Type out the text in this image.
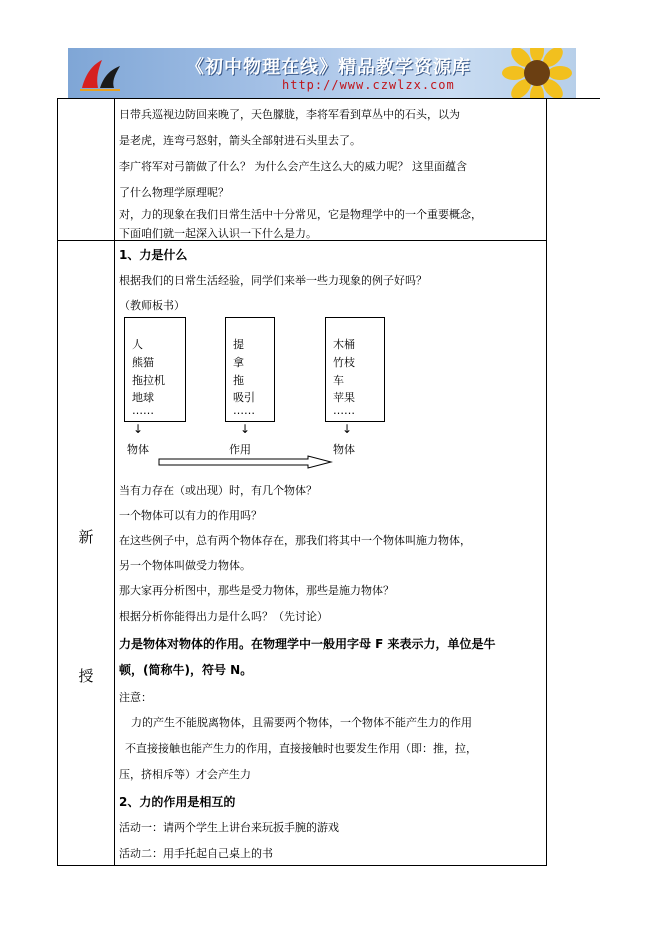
《初中物理在线》精品教学资源库
http://www.czwlzx.com
新
授
日带兵巡视边防回来晚了，天色朦胧，李将军看到草丛中的石头，以为
是老虎，连弯弓怒射，箭头全部射进石头里去了。
李广将军对弓箭做了什么？ 为什么会产生这么大的威力呢？ 这里面蕴含
了什么物理学原理呢？
对，力的现象在我们日常生活中十分常见，它是物理学中的一个重要概念，
下面咱们就一起深入认识一下什么是力。
1、力是什么
根据我们的日常生活经验，同学们来举一些力现象的例子好吗？
（教师板书）
人
熊猫
拖拉机
地球
……
提
拿
拖
吸引
……
木桶
竹枝
车
苹果
……
↓	↓	↓
物体	作用	物体
当有力存在（或出现）时，有几个物体？
一个物体可以有力的作用吗？
在这些例子中，总有两个物体存在，那我们将其中一个物体叫施力物体，
另一个物体叫做受力物体。
那大家再分析图中，那些是受力物体，那些是施力物体？
根据分析你能得出力是什么吗？（先讨论）
力是物体对物体的作用。在物理学中一般用字母 F 来表示力，单位是牛
顿，(简称牛)，符号 N。
注意：
力的产生不能脱离物体，且需要两个物体，一个物体不能产生力的作用
不直接接触也能产生力的作用，直接接触时也要发生作用（即：推，拉，
压，挤相斥等）才会产生力
2、力的作用是相互的
活动一：请两个学生上讲台来玩扳手腕的游戏
活动二：用手托起自己桌上的书
